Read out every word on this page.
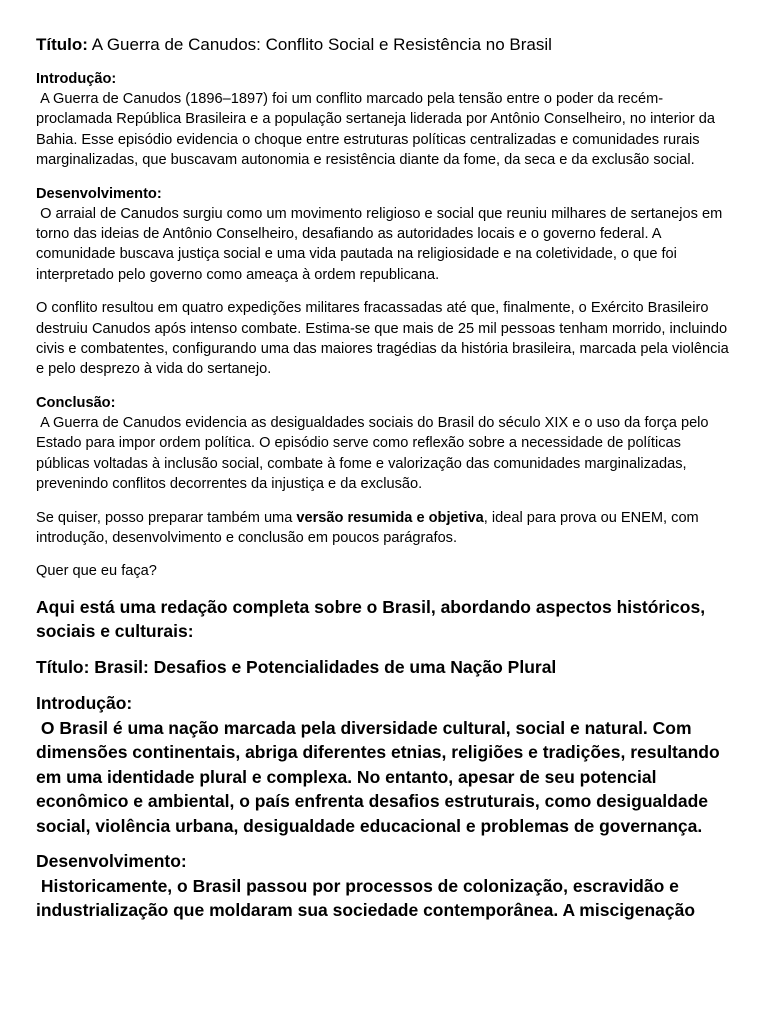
Título: A Guerra de Canudos: Conflito Social e Resistência no Brasil

Introdução:

A Guerra de Canudos (1896–1897) foi um conflito marcado pela tensão entre o poder da recém-proclamada República Brasileira e a população sertaneja liderada por Antônio Conselheiro, no interior da Bahia. Esse episódio evidencia o choque entre estruturas políticas centralizadas e comunidades rurais marginalizadas, que buscavam autonomia e resistência diante da fome, da seca e da exclusão social.

Desenvolvimento:

O arraial de Canudos surgiu como um movimento religioso e social que reuniu milhares de sertanejos em torno das ideias de Antônio Conselheiro, desafiando as autoridades locais e o governo federal. A comunidade buscava justiça social e uma vida pautada na religiosidade e na coletividade, o que foi interpretado pelo governo como ameaça à ordem republicana.

O conflito resultou em quatro expedições militares fracassadas até que, finalmente, o Exército Brasileiro destruiu Canudos após intenso combate. Estima-se que mais de 25 mil pessoas tenham morrido, incluindo civis e combatentes, configurando uma das maiores tragédias da história brasileira, marcada pela violência e pelo desprezo à vida do sertanejo.

Conclusão:

A Guerra de Canudos evidencia as desigualdades sociais do Brasil do século XIX e o uso da força pelo Estado para impor ordem política. O episódio serve como reflexão sobre a necessidade de políticas públicas voltadas à inclusão social, combate à fome e valorização das comunidades marginalizadas, prevenindo conflitos decorrentes da injustiça e da exclusão.

Se quiser, posso preparar também uma versão resumida e objetiva, ideal para prova ou ENEM, com introdução, desenvolvimento e conclusão em poucos parágrafos.

Quer que eu faça?

Aqui está uma redação completa sobre o Brasil, abordando aspectos históricos, sociais e culturais:

Título: Brasil: Desafios e Potencialidades de uma Nação Plural

Introdução:

O Brasil é uma nação marcada pela diversidade cultural, social e natural. Com dimensões continentais, abriga diferentes etnias, religiões e tradições, resultando em uma identidade plural e complexa. No entanto, apesar de seu potencial econômico e ambiental, o país enfrenta desafios estruturais, como desigualdade social, violência urbana, desigualdade educacional e problemas de governança.

Desenvolvimento:

Historicamente, o Brasil passou por processos de colonização, escravidão e industrialização que moldaram sua sociedade contemporânea. A miscigenação
